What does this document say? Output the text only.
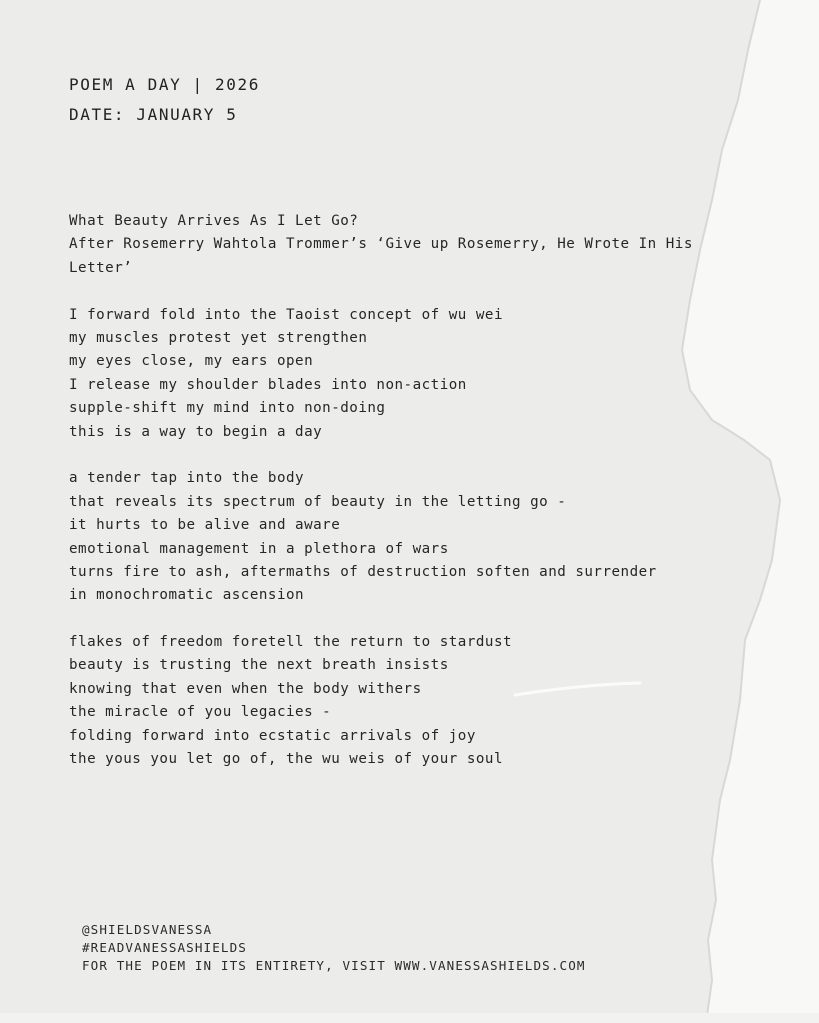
POEM A DAY | 2026
DATE: JANUARY 5
What Beauty Arrives As I Let Go?
After Rosemerry Wahtola Trommer’s ‘Give up Rosemerry, He Wrote In His Letter’
I forward fold into the Taoist concept of wu wei
my muscles protest yet strengthen
my eyes close, my ears open
I release my shoulder blades into non-action
supple-shift my mind into non-doing
this is a way to begin a day
a tender tap into the body
that reveals its spectrum of beauty in the letting go -
it hurts to be alive and aware
emotional management in a plethora of wars
turns fire to ash, aftermaths of destruction soften and surrender
in monochromatic ascension
flakes of freedom foretell the return to stardust
beauty is trusting the next breath insists
knowing that even when the body withers
the miracle of you legacies -
folding forward into ecstatic arrivals of joy
the yous you let go of, the wu weis of your soul
@SHIELDSVANESSA
#READVANESSASHIELDS
FOR THE POEM IN ITS ENTIRETY, VISIT WWW.VANESSASHIELDS.COM
